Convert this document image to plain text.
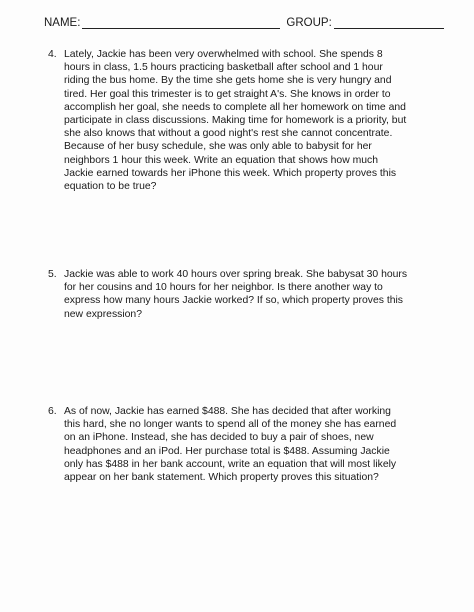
NAME:	GROUP:
4. Lately, Jackie has been very overwhelmed with school. She spends 8
hours in class, 1.5 hours practicing basketball after school and 1 hour
riding the bus home. By the time she gets home she is very hungry and
tired. Her goal this trimester is to get straight A's. She knows in order to
accomplish her goal, she needs to complete all her homework on time and
participate in class discussions. Making time for homework is a priority, but
she also knows that without a good night's rest she cannot concentrate.
Because of her busy schedule, she was only able to babysit for her
neighbors 1 hour this week. Write an equation that shows how much
Jackie earned towards her iPhone this week. Which property proves this
equation to be true?
5. Jackie was able to work 40 hours over spring break. She babysat 30 hours
for her cousins and 10 hours for her neighbor. Is there another way to
express how many hours Jackie worked? If so, which property proves this
new expression?
6. As of now, Jackie has earned $488. She has decided that after working
this hard, she no longer wants to spend all of the money she has earned
on an iPhone. Instead, she has decided to buy a pair of shoes, new
headphones and an iPod. Her purchase total is $488. Assuming Jackie
only has $488 in her bank account, write an equation that will most likely
appear on her bank statement. Which property proves this situation?
